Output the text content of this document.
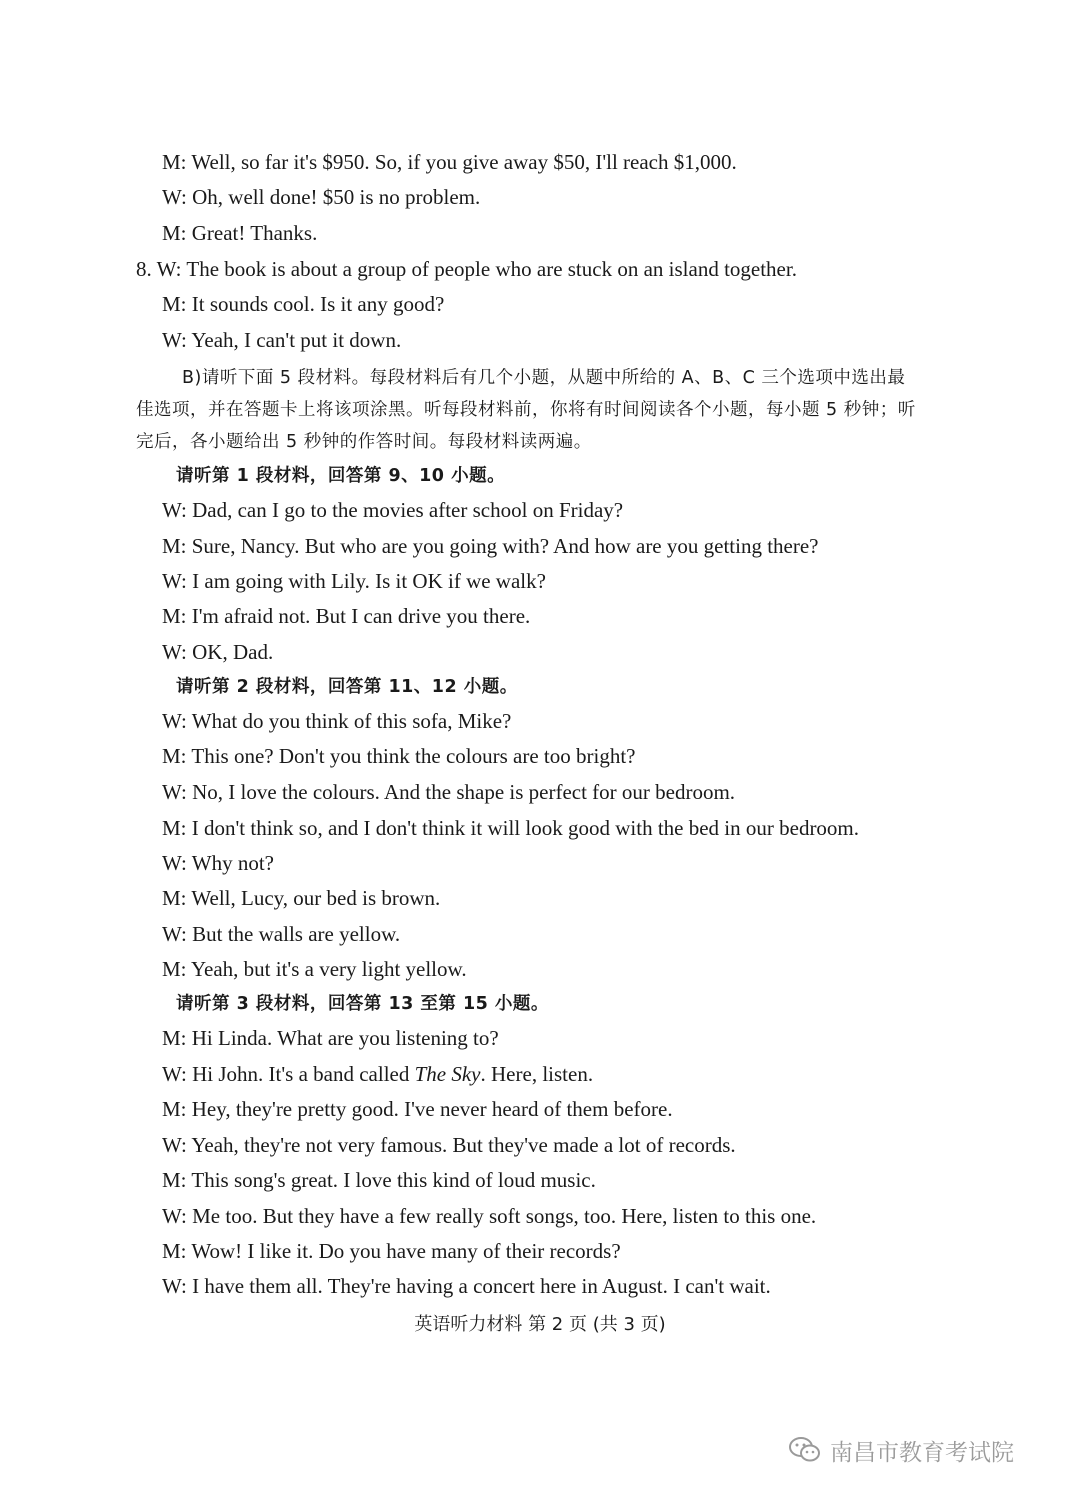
M: Well, so far it's $950. So, if you give away $50, I'll reach $1,000.
W: Oh, well done! $50 is no problem.
M: Great! Thanks.
8. W: The book is about a group of people who are stuck on an island together.
M: It sounds cool. Is it any good?
W: Yeah, I can't put it down.
B)请听下面 5 段材料。每段材料后有几个小题，从题中所给的 A、B、C 三个选项中选出最
佳选项，并在答题卡上将该项涂黑。听每段材料前，你将有时间阅读各个小题，每小题 5 秒钟；听
完后，各小题给出 5 秒钟的作答时间。每段材料读两遍。
请听第 1 段材料，回答第 9、10 小题。
W: Dad, can I go to the movies after school on Friday?
M: Sure, Nancy. But who are you going with? And how are you getting there?
W: I am going with Lily. Is it OK if we walk?
M: I'm afraid not. But I can drive you there.
W: OK, Dad.
请听第 2 段材料，回答第 11、12 小题。
W: What do you think of this sofa, Mike?
M: This one? Don't you think the colours are too bright?
W: No, I love the colours. And the shape is perfect for our bedroom.
M: I don't think so, and I don't think it will look good with the bed in our bedroom.
W: Why not?
M: Well, Lucy, our bed is brown.
W: But the walls are yellow.
M: Yeah, but it's a very light yellow.
请听第 3 段材料，回答第 13 至第 15 小题。
M: Hi Linda. What are you listening to?
W: Hi John. It's a band called The Sky. Here, listen.
M: Hey, they're pretty good. I've never heard of them before.
W: Yeah, they're not very famous. But they've made a lot of records.
M: This song's great. I love this kind of loud music.
W: Me too. But they have a few really soft songs, too. Here, listen to this one.
M: Wow! I like it. Do you have many of their records?
W: I have them all. They're having a concert here in August. I can't wait.
英语听力材料 第 2 页 (共 3 页)
南昌市教育考试院
